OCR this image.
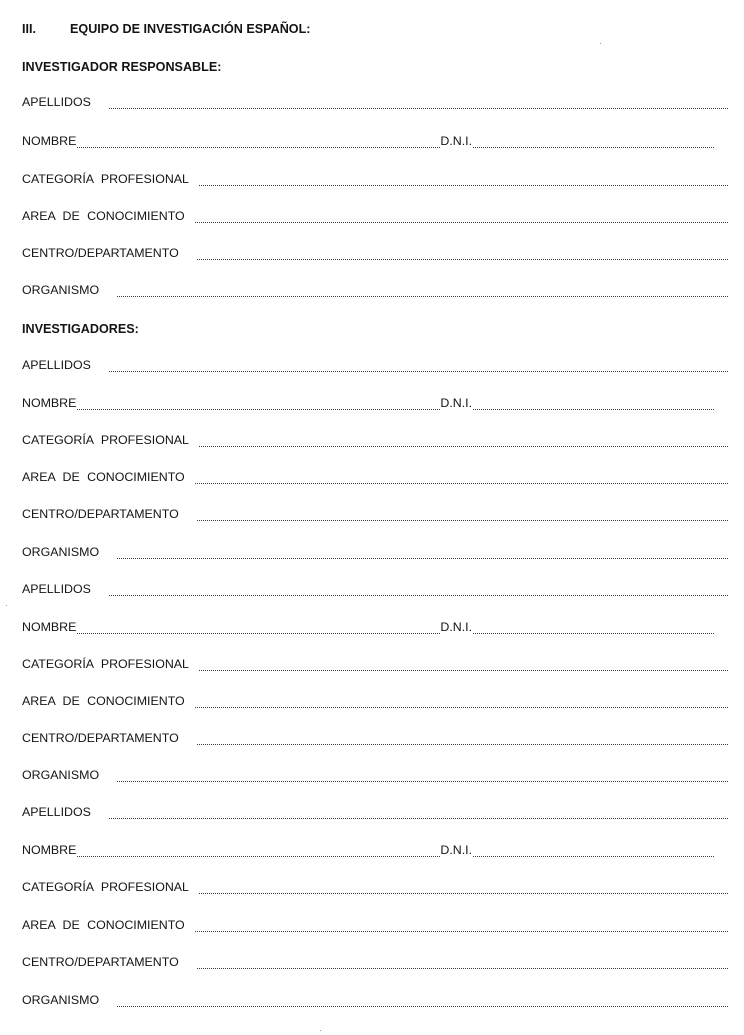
III.	EQUIPO DE INVESTIGACIÓN ESPAÑOL:
INVESTIGADOR RESPONSABLE:
APELLIDOS
NOMBRE	D.N.I.
CATEGORÍA PROFESIONAL
AREA DE CONOCIMIENTO
CENTRO/DEPARTAMENTO
ORGANISMO
INVESTIGADORES:
APELLIDOS
NOMBRE	D.N.I.
CATEGORÍA PROFESIONAL
AREA DE CONOCIMIENTO
CENTRO/DEPARTAMENTO
ORGANISMO
APELLIDOS
NOMBRE	D.N.I.
CATEGORÍA PROFESIONAL
AREA DE CONOCIMIENTO
CENTRO/DEPARTAMENTO
ORGANISMO
APELLIDOS
NOMBRE	D.N.I.
CATEGORÍA PROFESIONAL
AREA DE CONOCIMIENTO
CENTRO/DEPARTAMENTO
ORGANISMO
